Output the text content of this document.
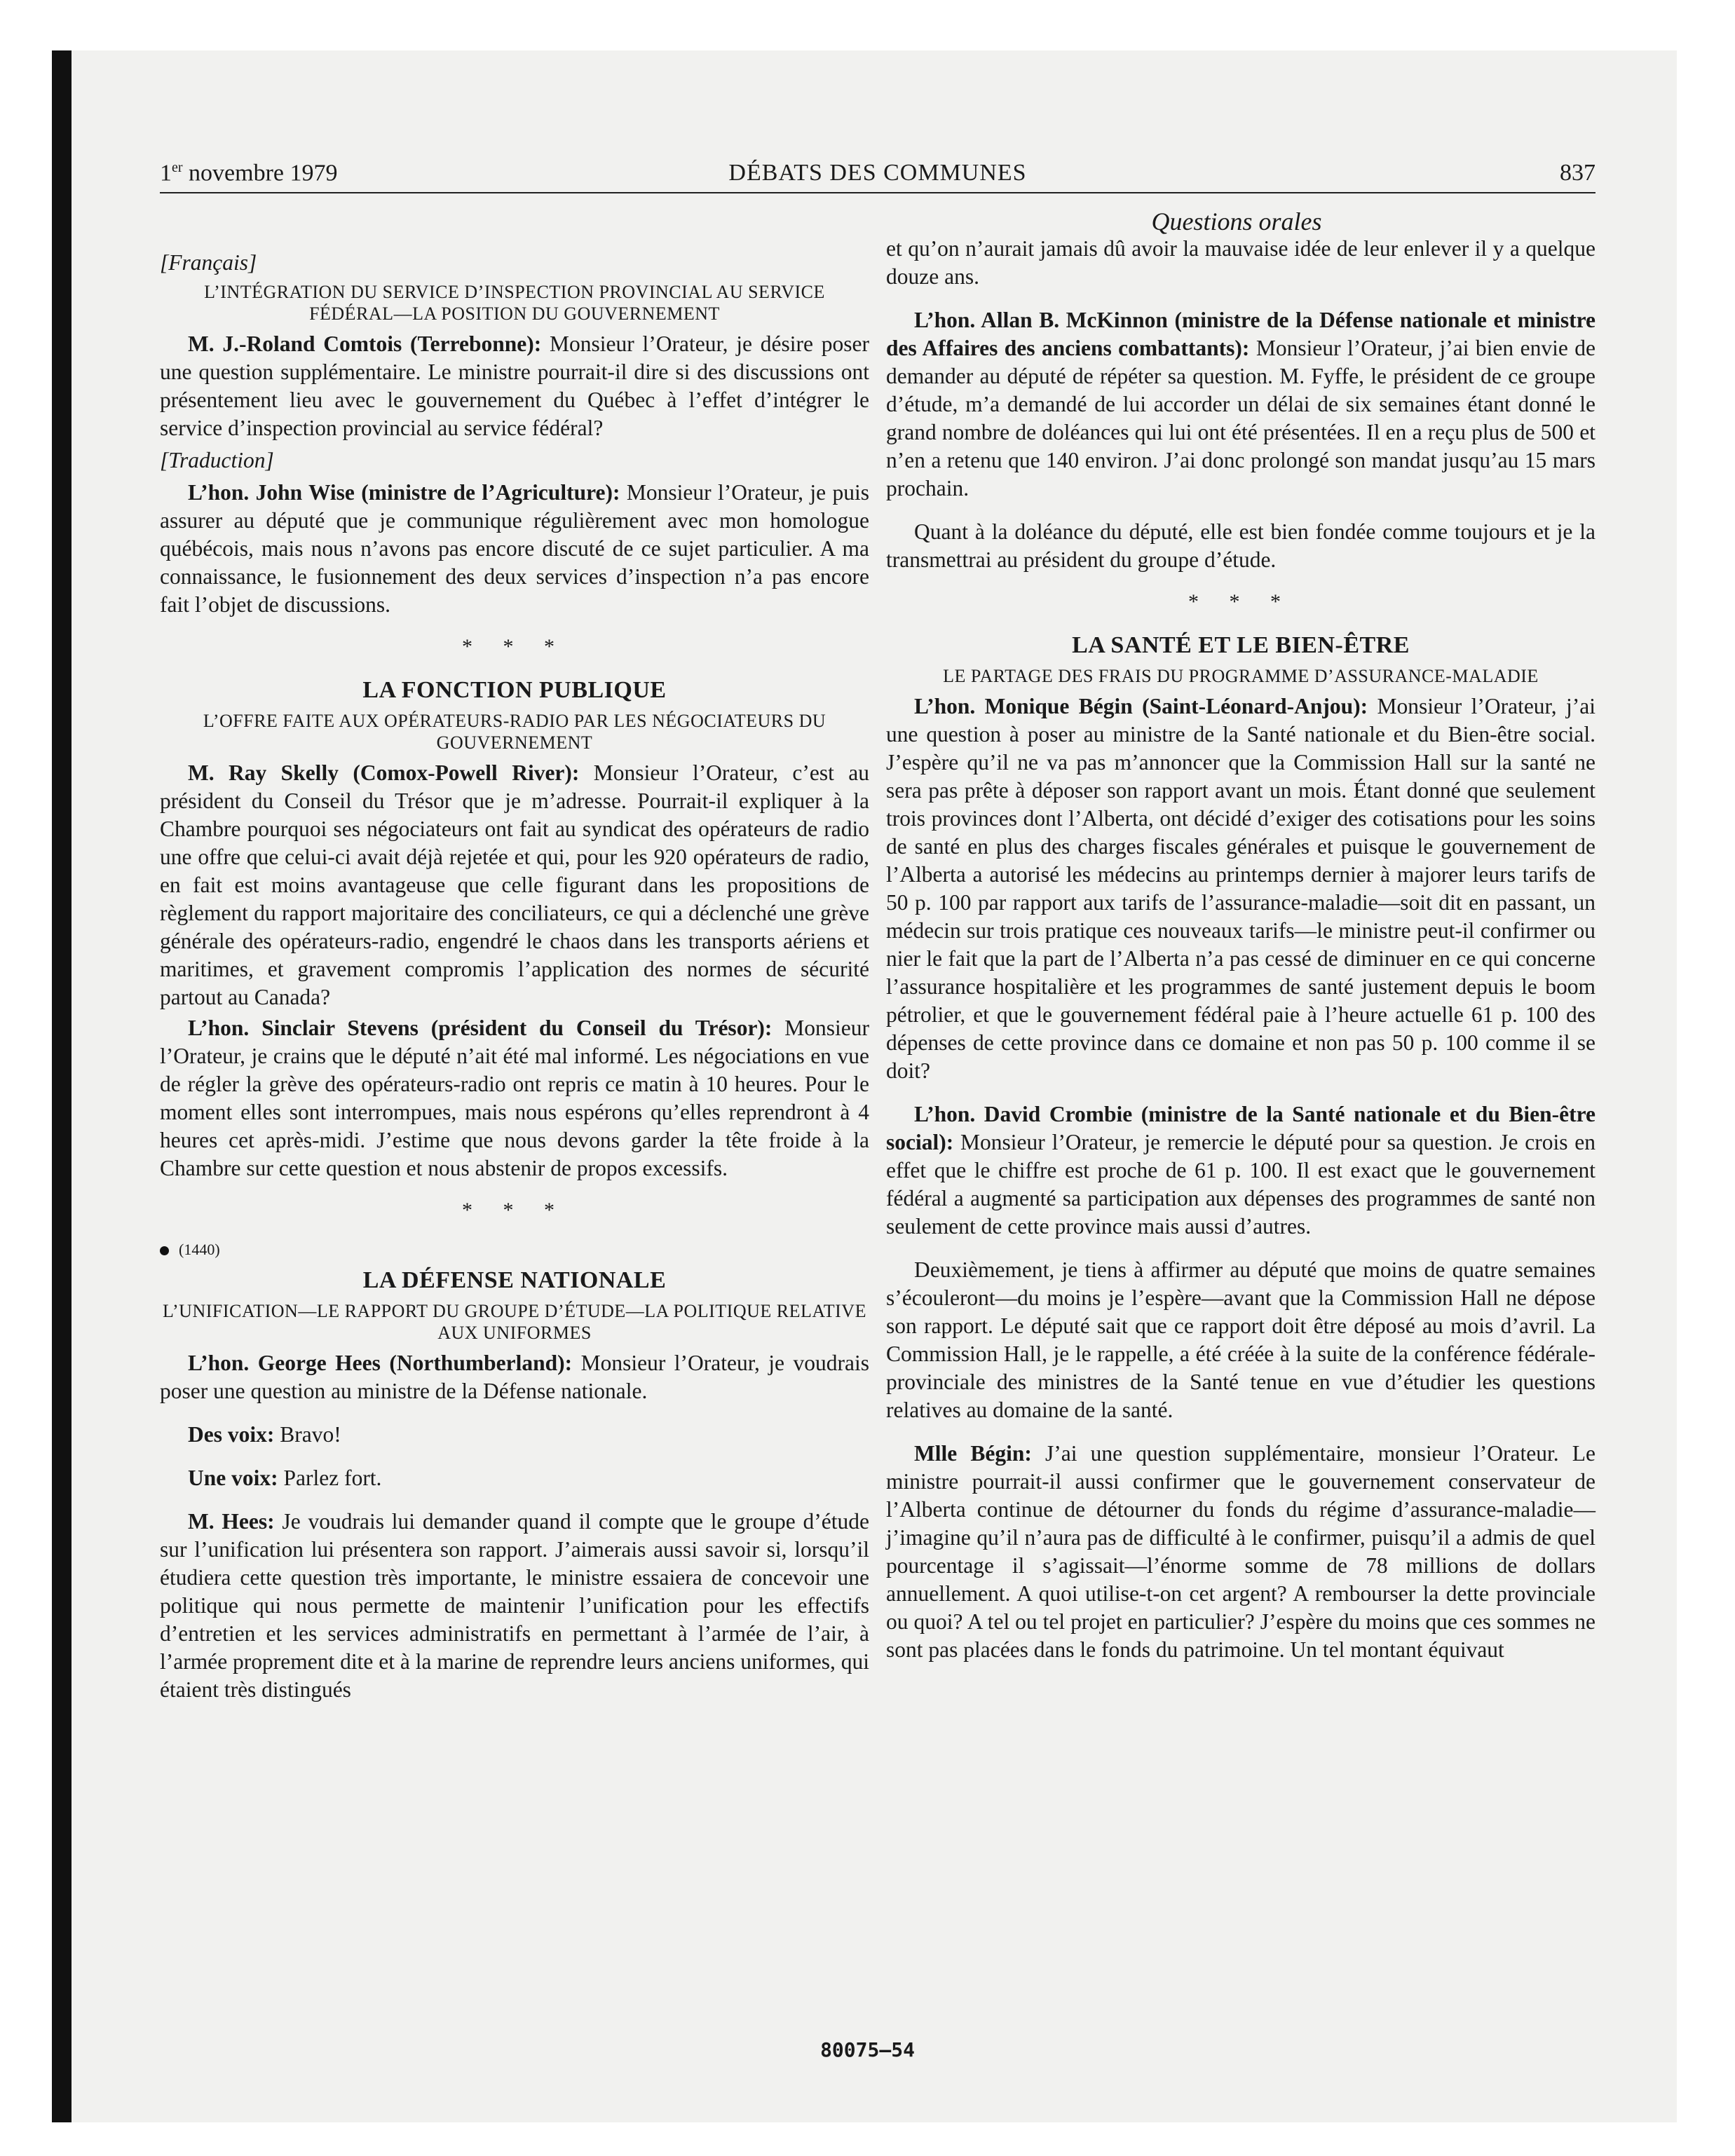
1er novembre 1979	DÉBATS DES COMMUNES	837
Questions orales
[Français]
L’INTÉGRATION DU SERVICE D’INSPECTION PROVINCIAL AU SERVICE FÉDÉRAL—LA POSITION DU GOUVERNEMENT

M. J.-Roland Comtois (Terrebonne): Monsieur l’Orateur, je désire poser une question supplémentaire. Le ministre pourrait-il dire si des discussions ont présentement lieu avec le gouvernement du Québec à l’effet d’intégrer le service d’inspection provincial au service fédéral?

[Traduction]

L’hon. John Wise (ministre de l’Agriculture): Monsieur l’Orateur, je puis assurer au député que je communique régulièrement avec mon homologue québécois, mais nous n’avons pas encore discuté de ce sujet particulier. A ma connaissance, le fusionnement des deux services d’inspection n’a pas encore fait l’objet de discussions.

* * *
LA FONCTION PUBLIQUE
L’OFFRE FAITE AUX OPÉRATEURS-RADIO PAR LES NÉGOCIATEURS DU GOUVERNEMENT

M. Ray Skelly (Comox-Powell River): Monsieur l’Orateur, c’est au président du Conseil du Trésor que je m’adresse. Pourrait-il expliquer à la Chambre pourquoi ses négociateurs ont fait au syndicat des opérateurs de radio une offre que celui-ci avait déjà rejetée et qui, pour les 920 opérateurs de radio, en fait est moins avantageuse que celle figurant dans les propositions de règlement du rapport majoritaire des conciliateurs, ce qui a déclenché une grève générale des opérateurs-radio, engendré le chaos dans les transports aériens et maritimes, et gravement compromis l’application des normes de sécurité partout au Canada?

L’hon. Sinclair Stevens (président du Conseil du Trésor): Monsieur l’Orateur, je crains que le député n’ait été mal informé. Les négociations en vue de régler la grève des opérateurs-radio ont repris ce matin à 10 heures. Pour le moment elles sont interrompues, mais nous espérons qu’elles reprendront à 4 heures cet après-midi. J’estime que nous devons garder la tête froide à la Chambre sur cette question et nous abstenir de propos excessifs.

* * *
(1440)
LA DÉFENSE NATIONALE
L’UNIFICATION—LE RAPPORT DU GROUPE D’ÉTUDE—LA POLITIQUE RELATIVE AUX UNIFORMES

L’hon. George Hees (Northumberland): Monsieur l’Orateur, je voudrais poser une question au ministre de la Défense nationale.

Des voix: Bravo!

Une voix: Parlez fort.

M. Hees: Je voudrais lui demander quand il compte que le groupe d’étude sur l’unification lui présentera son rapport. J’aimerais aussi savoir si, lorsqu’il étudiera cette question très importante, le ministre essaiera de concevoir une politique qui nous permette de maintenir l’unification pour les effectifs d’entretien et les services administratifs en permettant à l’armée de l’air, à l’armée proprement dite et à la marine de reprendre leurs anciens uniformes, qui étaient très distingués

et qu’on n’aurait jamais dû avoir la mauvaise idée de leur enlever il y a quelque douze ans.

L’hon. Allan B. McKinnon (ministre de la Défense nationale et ministre des Affaires des anciens combattants): Monsieur l’Orateur, j’ai bien envie de demander au député de répéter sa question. M. Fyffe, le président de ce groupe d’étude, m’a demandé de lui accorder un délai de six semaines étant donné le grand nombre de doléances qui lui ont été présentées. Il en a reçu plus de 500 et n’en a retenu que 140 environ. J’ai donc prolongé son mandat jusqu’au 15 mars prochain.

Quant à la doléance du député, elle est bien fondée comme toujours et je la transmettrai au président du groupe d’étude.

* * *
LA SANTÉ ET LE BIEN-ÊTRE
LE PARTAGE DES FRAIS DU PROGRAMME D’ASSURANCE-MALADIE

L’hon. Monique Bégin (Saint-Léonard-Anjou): Monsieur l’Orateur, j’ai une question à poser au ministre de la Santé nationale et du Bien-être social. J’espère qu’il ne va pas m’annoncer que la Commission Hall sur la santé ne sera pas prête à déposer son rapport avant un mois. Étant donné que seulement trois provinces dont l’Alberta, ont décidé d’exiger des cotisations pour les soins de santé en plus des charges fiscales générales et puisque le gouvernement de l’Alberta a autorisé les médecins au printemps dernier à majorer leurs tarifs de 50 p. 100 par rapport aux tarifs de l’assurance-maladie—soit dit en passant, un médecin sur trois pratique ces nouveaux tarifs—le ministre peut-il confirmer ou nier le fait que la part de l’Alberta n’a pas cessé de diminuer en ce qui concerne l’assurance hospitalière et les programmes de santé justement depuis le boom pétrolier, et que le gouvernement fédéral paie à l’heure actuelle 61 p. 100 des dépenses de cette province dans ce domaine et non pas 50 p. 100 comme il se doit?

L’hon. David Crombie (ministre de la Santé nationale et du Bien-être social): Monsieur l’Orateur, je remercie le député pour sa question. Je crois en effet que le chiffre est proche de 61 p. 100. Il est exact que le gouvernement fédéral a augmenté sa participation aux dépenses des programmes de santé non seulement de cette province mais aussi d’autres.

Deuxièmement, je tiens à affirmer au député que moins de quatre semaines s’écouleront—du moins je l’espère—avant que la Commission Hall ne dépose son rapport. Le député sait que ce rapport doit être déposé au mois d’avril. La Commission Hall, je le rappelle, a été créée à la suite de la conférence fédérale-provinciale des ministres de la Santé tenue en vue d’étudier les questions relatives au domaine de la santé.

Mlle Bégin: J’ai une question supplémentaire, monsieur l’Orateur. Le ministre pourrait-il aussi confirmer que le gouvernement conservateur de l’Alberta continue de détourner du fonds du régime d’assurance-maladie—j’imagine qu’il n’aura pas de difficulté à le confirmer, puisqu’il a admis de quel pourcentage il s’agissait—l’énorme somme de 78 millions de dollars annuellement. A quoi utilise-t-on cet argent? A rembourser la dette provinciale ou quoi? A tel ou tel projet en particulier? J’espère du moins que ces sommes ne sont pas placées dans le fonds du patrimoine. Un tel montant équivaut

80075—54
